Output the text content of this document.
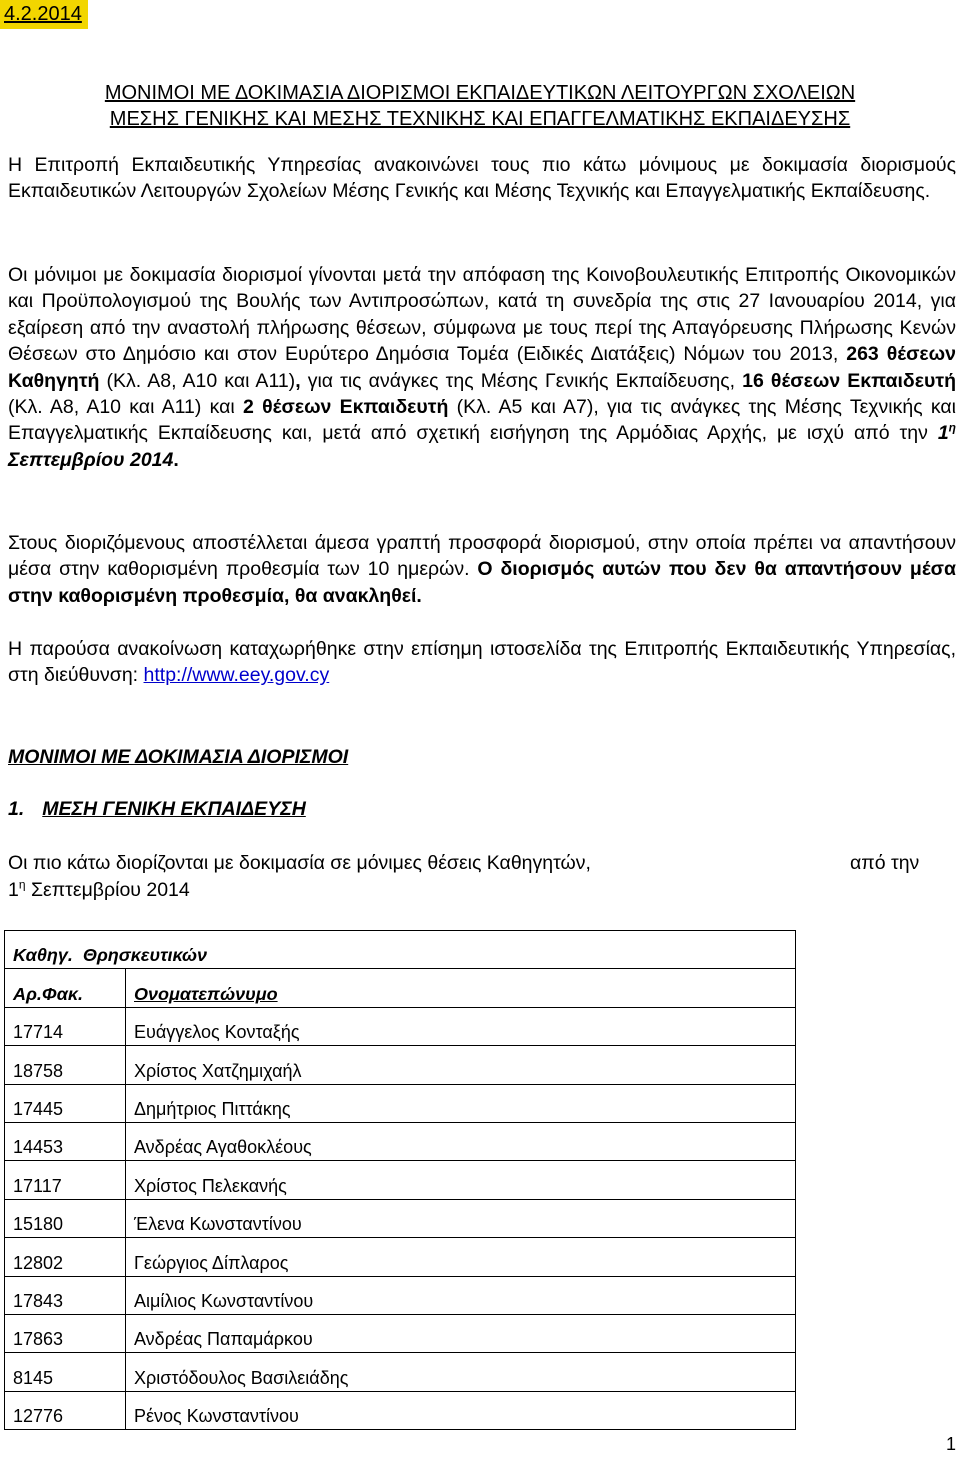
4.2.2014
ΜΟΝΙΜΟΙ ΜΕ ΔΟΚΙΜΑΣΙΑ ΔΙΟΡΙΣΜΟΙ ΕΚΠΑΙΔΕΥΤΙΚΩΝ ΛΕΙΤΟΥΡΓΩΝ ΣΧΟΛΕΙΩΝ
ΜΕΣΗΣ ΓΕΝΙΚΗΣ ΚΑΙ ΜΕΣΗΣ ΤΕΧΝΙΚΗΣ ΚΑΙ ΕΠΑΓΓΕΛΜΑΤΙΚΗΣ ΕΚΠΑΙΔΕΥΣΗΣ
Η Επιτροπή Εκπαιδευτικής Υπηρεσίας ανακοινώνει τους πιο κάτω μόνιμους με δοκιμασία διορισμούς Εκπαιδευτικών Λειτουργών Σχολείων Μέσης Γενικής και Μέσης Τεχνικής και Επαγγελματικής Εκπαίδευσης.
Οι μόνιμοι με δοκιμασία διορισμοί γίνονται μετά την απόφαση της Κοινοβουλευτικής Επιτροπής Οικονομικών και Προϋπολογισμού της Βουλής των Αντιπροσώπων, κατά τη συνεδρία της στις 27 Ιανουαρίου 2014, για εξαίρεση από την αναστολή πλήρωσης θέσεων, σύμφωνα με τους περί της Απαγόρευσης Πλήρωσης Κενών Θέσεων στο Δημόσιο και στον Ευρύτερο Δημόσια Τομέα (Ειδικές Διατάξεις) Νόμων του 2013, 263 θέσεων Καθηγητή (Κλ. Α8, Α10 και Α11), για τις ανάγκες της Μέσης Γενικής Εκπαίδευσης, 16 θέσεων Εκπαιδευτή (Κλ. Α8, Α10 και Α11) και 2 θέσεων Εκπαιδευτή (Κλ. Α5 και Α7), για τις ανάγκες της Μέσης Τεχνικής και Επαγγελματικής Εκπαίδευσης και, μετά από σχετική εισήγηση της Αρμόδιας Αρχής, με ισχύ από την $1^\eta$ Σεπτεμβρίου 2014.
Στους διοριζόμενους αποστέλλεται άμεσα γραπτή προσφορά διορισμού, στην οποία πρέπει να απαντήσουν μέσα στην καθορισμένη προθεσμία των 10 ημερών. Ο διορισμός αυτών που δεν θα απαντήσουν μέσα στην καθορισμένη προθεσμία, θα ανακληθεί.
Η παρούσα ανακοίνωση καταχωρήθηκε στην επίσημη ιστοσελίδα της Επιτροπής Εκπαιδευτικής Υπηρεσίας, στη διεύθυνση: http://www.eey.gov.cy
ΜΟΝΙΜΟΙ ΜΕ ΔΟΚΙΜΑΣΙΑ ΔΙΟΡΙΣΜΟΙ
1. ΜΕΣΗ ΓΕΝΙΚΗ ΕΚΠΑΙΔΕΥΣΗ
Οι πιο κάτω διορίζονται με δοκιμασία σε μόνιμες θέσεις Καθηγητών,	από την

$1^\eta$ Σεπτεμβρίου 2014
Καθηγ. Θρησκευτικών	
Αρ.Φακ.	Ονοματεπώνυμο
17714	Ευάγγελος Κονταξής
18758	Χρίστος Χατζημιχαήλ
17445	Δημήτριος Πιττάκης
14453	Ανδρέας Αγαθοκλέους
17117	Χρίστος Πελεκανής
15180	Έλενα Κωνσταντίνου
12802	Γεώργιος Δίπλαρος
17843	Αιμίλιος Κωνσταντίνου
17863	Ανδρέας Παπαμάρκου
8145	Χριστόδουλος Βασιλειάδης
12776	Ρένος Κωνσταντίνου
1
